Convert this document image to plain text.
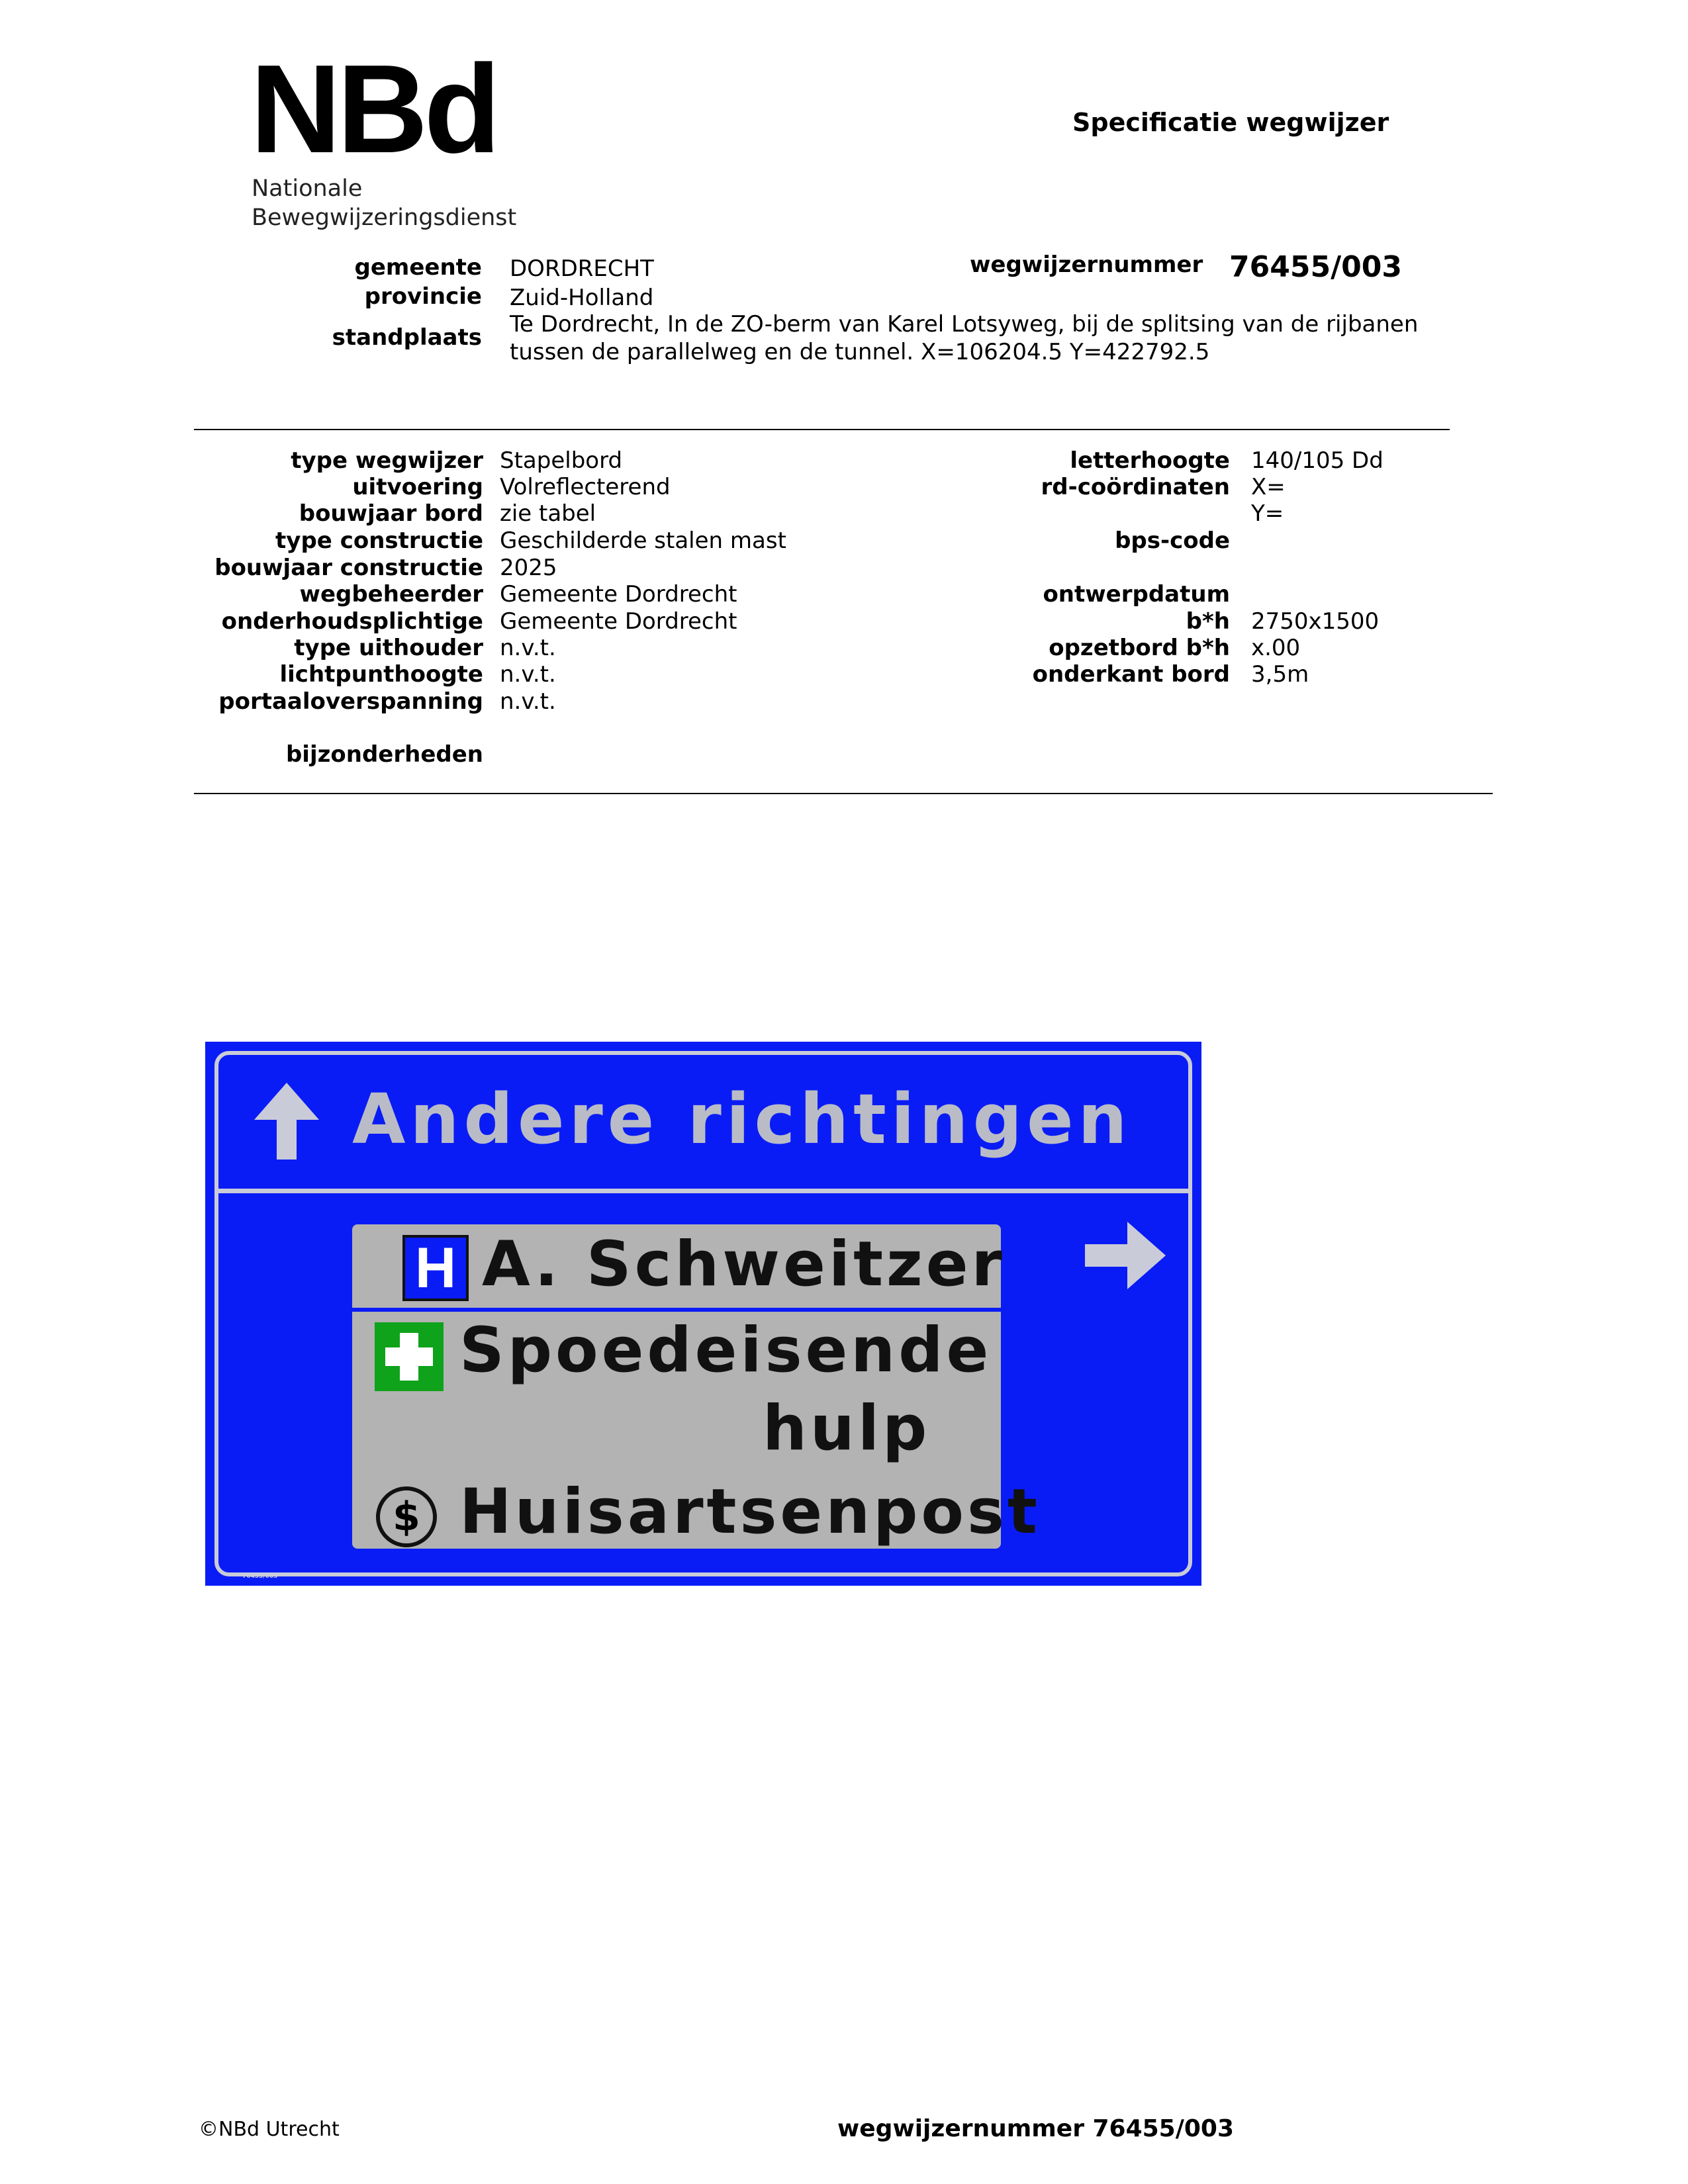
NBd
Nationale
Bewegwijzeringsdienst
Specificatie wegwijzer
gemeente DORDRECHT
provincie Zuid-Holland
standplaats Te Dordrecht, In de ZO-berm van Karel Lotsyweg, bij de splitsing van de rijbanen
tussen de parallelweg en de tunnel. X=106204.5 Y=422792.5
wegwijzernummer 76455/003
type wegwijzer Stapelbord
uitvoering Volreflecterend
bouwjaar bord zie tabel
type constructie Geschilderde stalen mast
bouwjaar constructie 2025
wegbeheerder Gemeente Dordrecht
onderhoudsplichtige Gemeente Dordrecht
type uithouder n.v.t.
lichtpunthoogte n.v.t.
portaaloverspanning n.v.t.
bijzonderheden
letterhoogte 140/105 Dd
rd-coördinaten X=
Y=
bps-code
ontwerpdatum
b*h 2750x1500
opzetbord b*h x.00
onderkant bord 3,5m
Andere richtingen
H A. Schweitzer
Spoedeisende
hulp
$ Huisartsenpost
76455/003
©NBd Utrecht	wegwijzernummer 76455/003
